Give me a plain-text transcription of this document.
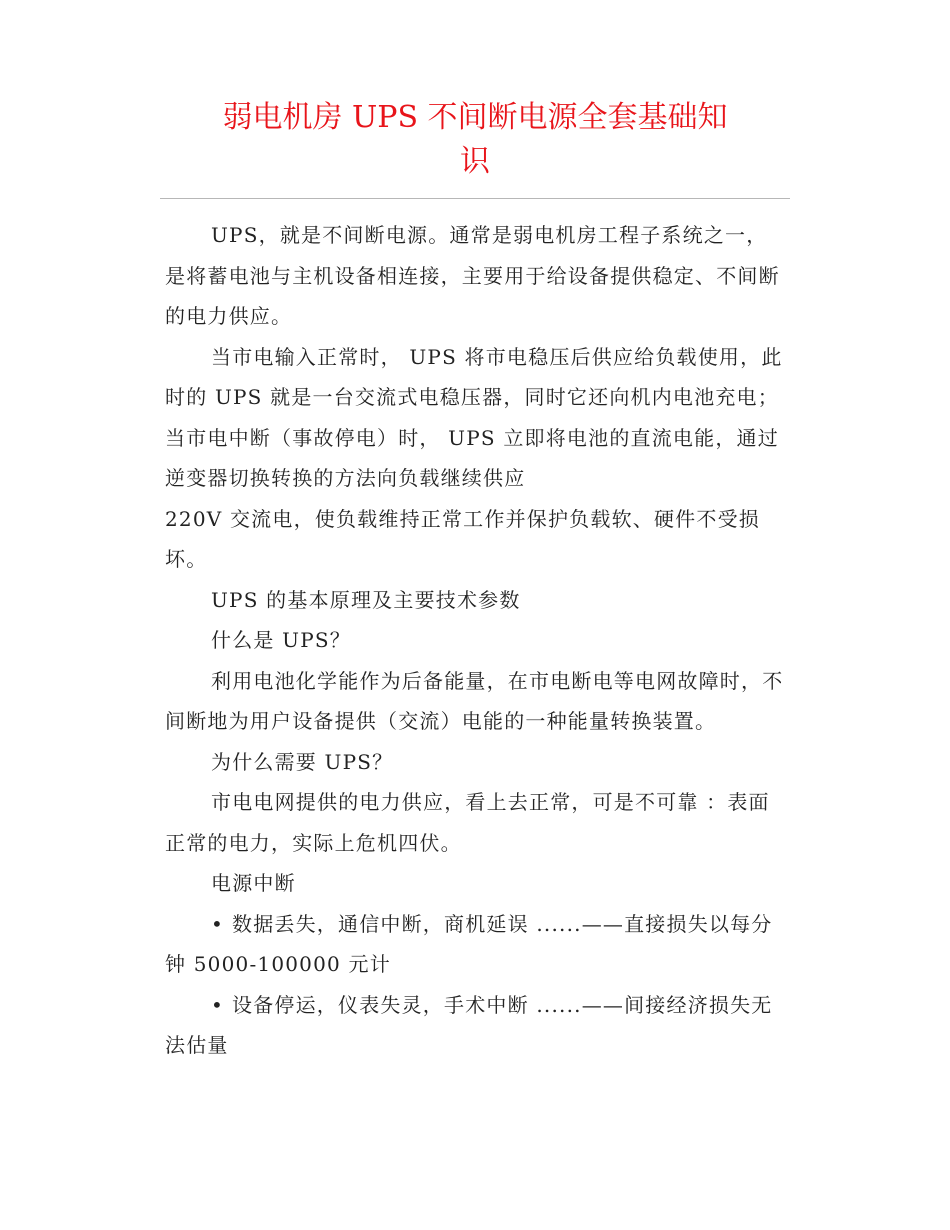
弱电机房 UPS 不间断电源全套基础知
识

UPS，就是不间断电源。通常是弱电机房工程子系统之一，是将蓄电池与主机设备相连接，主要用于给设备提供稳定、不间断的电力供应。

当市电输入正常时， UPS 将市电稳压后供应给负载使用，此时的 UPS 就是一台交流式电稳压器，同时它还向机内电池充电；当市电中断（事故停电）时， UPS 立即将电池的直流电能，通过逆变器切换转换的方法向负载继续供应

220V 交流电，使负载维持正常工作并保护负载软、硬件不受损坏。

UPS 的基本原理及主要技术参数

什么是 UPS？

利用电池化学能作为后备能量，在市电断电等电网故障时，不间断地为用户设备提供（交流）电能的一种能量转换装置。

为什么需要 UPS？

市电电网提供的电力供应，看上去正常，可是不可靠 ：表面正常的电力，实际上危机四伏。

电源中断

• 数据丢失，通信中断，商机延误 ......——直接损失以每分钟 5000-100000 元计

• 设备停运，仪表失灵，手术中断 ......——间接经济损失无法估量
